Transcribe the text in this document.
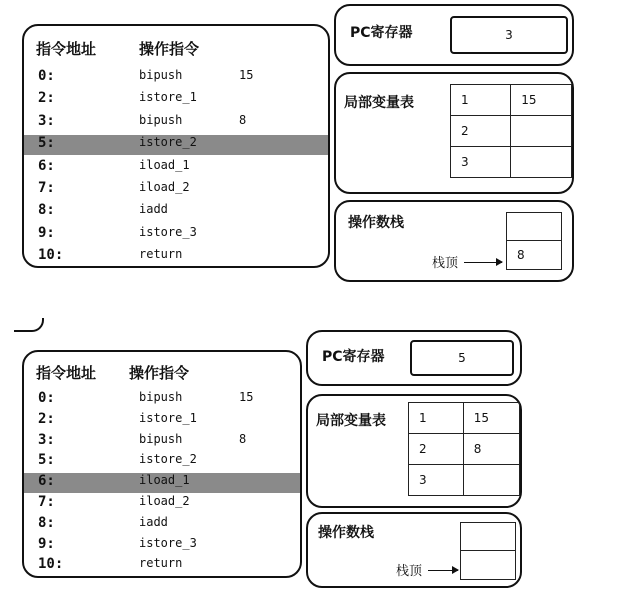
指令地址	操作指令
0:	bipush	15
2:	istore_1
3:	bipush	8
5:	istore_2
6:	iload_1
7:	iload_2
8:	iadd
9:	istore_3
10:	return
PC寄存器	3
局部变量表	1	15
2	
3	
操作数栈
8
栈顶
指令地址 操作指令
0:	bipush	15
2:	istore_1
3:	bipush	8
5:	istore_2
6:	iload_1
7:	iload_2
8:	iadd
9:	istore_3
10:	return
PC寄存器	5
局部变量表	1	15
2	8
3	
操作数栈
栈顶
